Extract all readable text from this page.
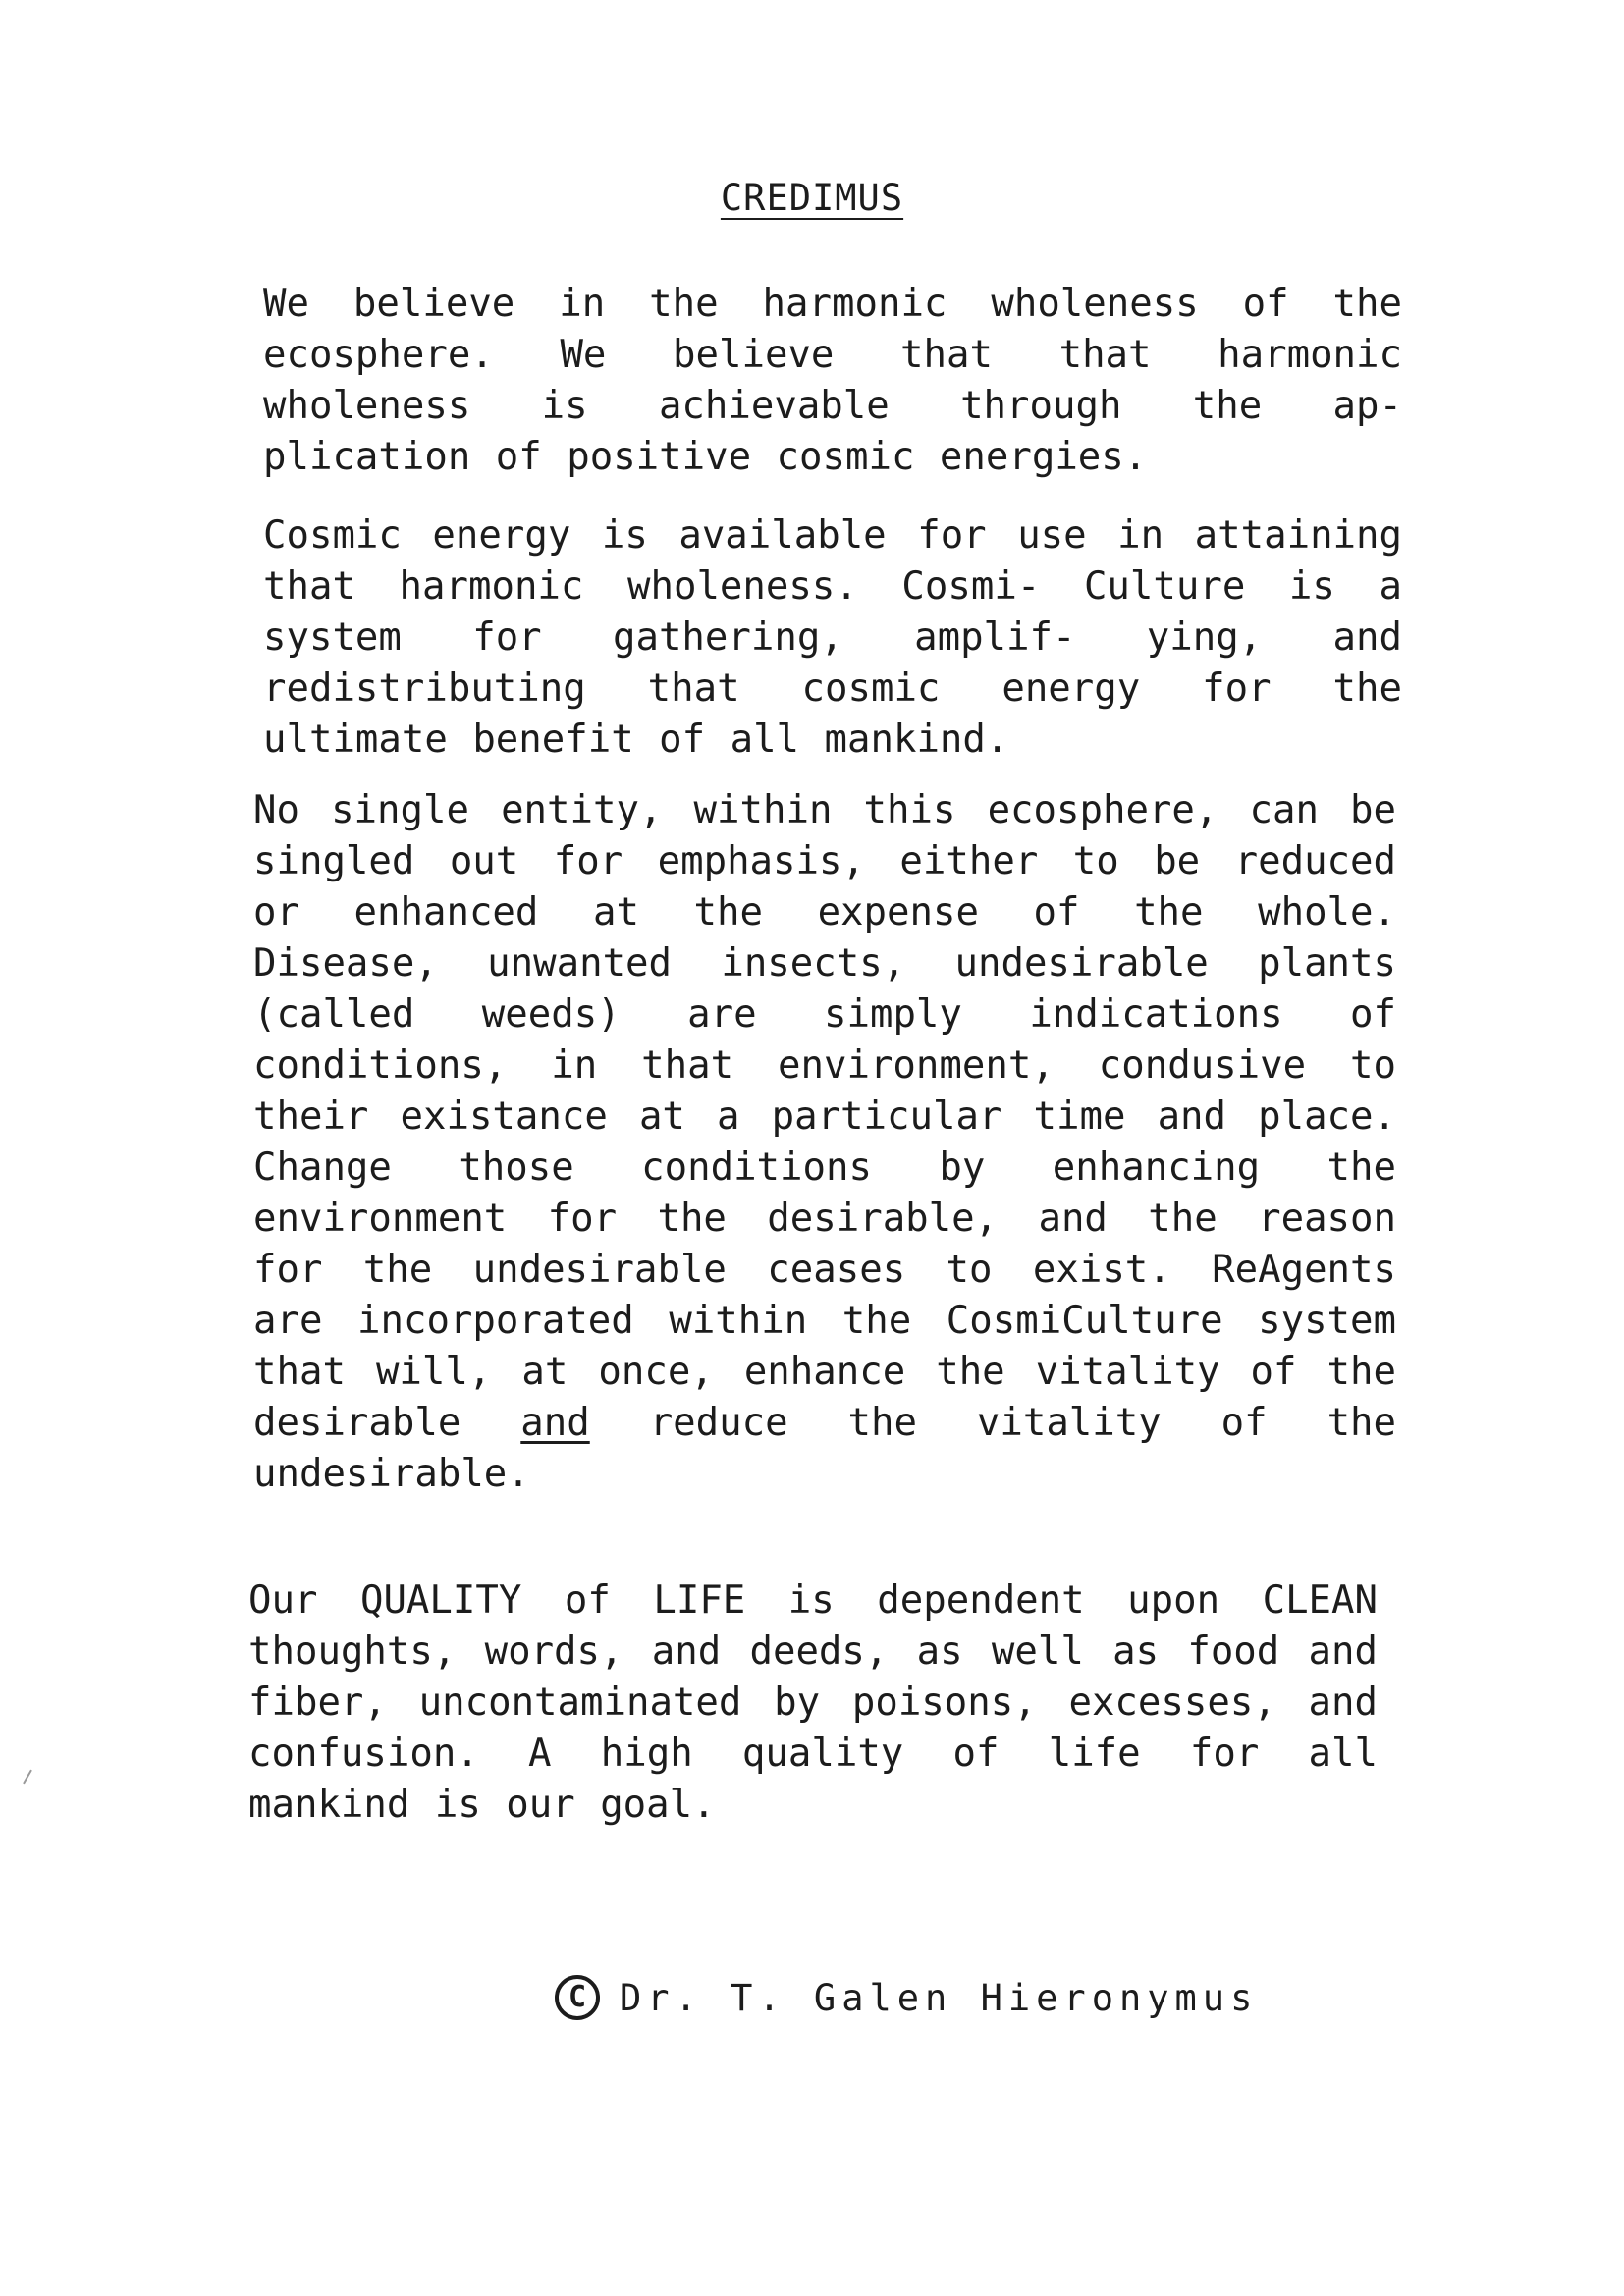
CREDIMUS

We believe in the harmonic wholeness of the ecosphere. We believe that that harmonic wholeness is achievable through the ap- plication of positive cosmic energies.

Cosmic energy is available for use in attaining that harmonic wholeness. Cosmi- Culture is a system for gathering, amplif- ying, and redistributing that cosmic energy for the ultimate benefit of all mankind.

No single entity, within this ecosphere, can be singled out for emphasis, either to be reduced or enhanced at the expense of the whole. Disease, unwanted insects, undesirable plants (called weeds) are simply indications of conditions, in that environment, condusive to their existance at a particular time and place. Change those conditions by enhancing the environment for the desirable, and the reason for the undesirable ceases to exist. ReAgents are incorporated within the CosmiCulture system that will, at once, enhance the vitality of the desirable and reduce the vitality of the undesirable.

Our QUALITY of LIFE is dependent upon CLEAN thoughts, words, and deeds, as well as food and fiber, uncontaminated by poisons, excesses, and confusion. A high quality of life for all mankind is our goal.

C Dr. T. Galen Hieronymus
